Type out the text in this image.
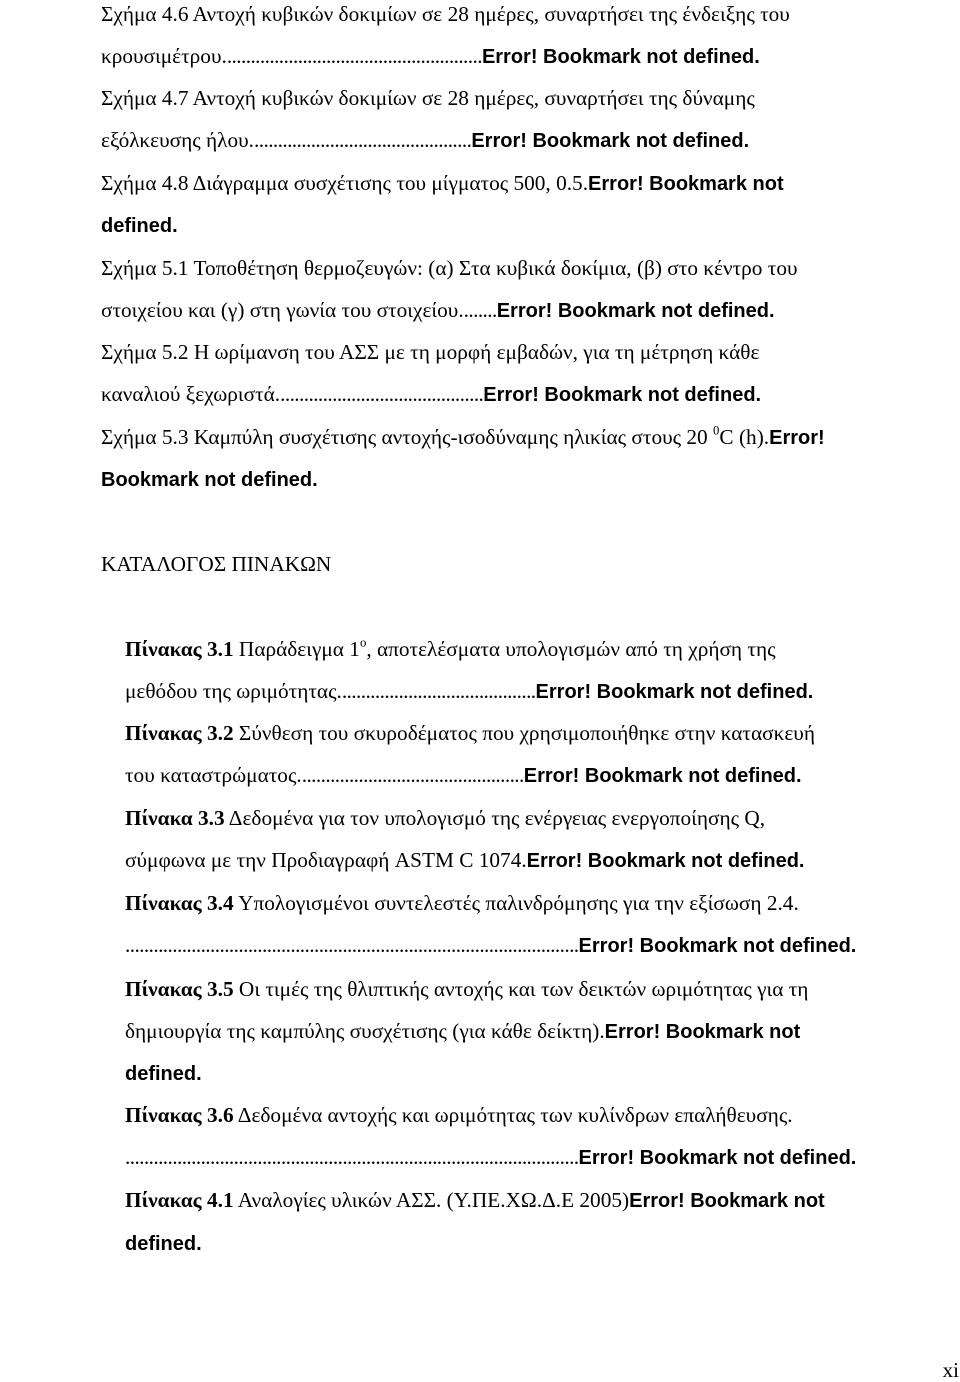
Σχήμα 4.6 Αντοχή κυβικών δοκιμίων σε 28 ημέρες, συναρτήσει της ένδειξης του
κρουσιμέτρου.......................................................Error! Bookmark not defined.
Σχήμα 4.7 Αντοχή κυβικών δοκιμίων σε 28 ημέρες, συναρτήσει της δύναμης
εξόλκευσης ήλου...............................................Error! Bookmark not defined.
Σχήμα 4.8 Διάγραμμα συσχέτισης του μίγματος 500, 0.5.Error! Bookmark not
defined.
Σχήμα 5.1 Τοποθέτηση θερμοζευγών: (α) Στα κυβικά δοκίμια, (β) στο κέντρο του
στοιχείου και (γ) στη γωνία του στοιχείου........Error! Bookmark not defined.
Σχήμα 5.2 Η ωρίμανση του ΑΣΣ με τη μορφή εμβαδών, για τη μέτρηση κάθε
καναλιού ξεχωριστά............................................Error! Bookmark not defined.
Σχήμα 5.3 Καμπύλη συσχέτισης αντοχής-ισοδύναμης ηλικίας στους 20 $^0$C (h).Error!
Bookmark not defined.
ΚΑΤΑΛΟΓΟΣ ΠΙΝΑΚΩΝ
Πίνακας 3.1 Παράδειγμα $1^o$, αποτελέσματα υπολογισμών από τη χρήση της
μεθόδου της ωριμότητας..........................................Error! Bookmark not defined.
Πίνακας 3.2 Σύνθεση του σκυροδέματος που χρησιμοποιήθηκε στην κατασκευή
του καταστρώματος................................................Error! Bookmark not defined.
Πίνακα 3.3 Δεδομένα για τον υπολογισμό της ενέργειας ενεργοποίησης Q,
σύμφωνα με την Προδιαγραφή ASTM C 1074.Error! Bookmark not defined.
Πίνακας 3.4 Υπολογισμένοι συντελεστές παλινδρόμησης για την εξίσωση 2.4.
................................................................................................Error! Bookmark not defined.
Πίνακας 3.5 Οι τιμές της θλιπτικής αντοχής και των δεικτών ωριμότητας για τη
δημιουργία της καμπύλης συσχέτισης (για κάθε δείκτη).Error! Bookmark not
defined.
Πίνακας 3.6 Δεδομένα αντοχής και ωριμότητας των κυλίνδρων επαλήθευσης.
................................................................................................Error! Bookmark not defined.
Πίνακας 4.1 Αναλογίες υλικών ΑΣΣ. (Υ.ΠΕ.ΧΩ.Δ.Ε 2005)Error! Bookmark not
defined.
xi
